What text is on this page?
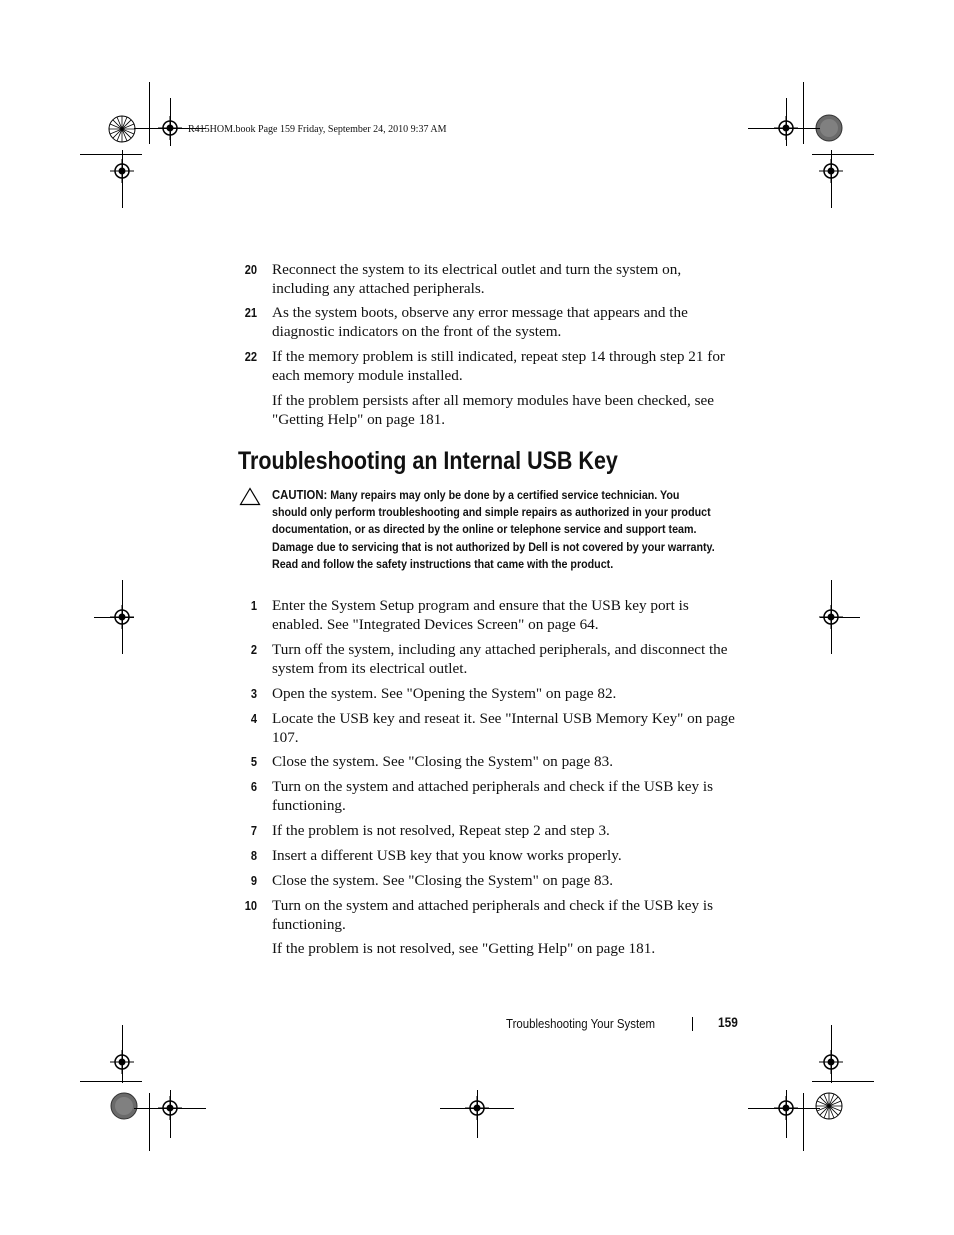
R415HOM.book Page 159 Friday, September 24, 2010 9:37 AM
20 Reconnect the system to its electrical outlet and turn the system on, including any attached peripherals.
21 As the system boots, observe any error message that appears and the diagnostic indicators on the front of the system.
22 If the memory problem is still indicated, repeat step 14 through step 21 for each memory module installed.
If the problem persists after all memory modules have been checked, see "Getting Help" on page 181.
Troubleshooting an Internal USB Key
CAUTION: Many repairs may only be done by a certified service technician. You should only perform troubleshooting and simple repairs as authorized in your product documentation, or as directed by the online or telephone service and support team. Damage due to servicing that is not authorized by Dell is not covered by your warranty. Read and follow the safety instructions that came with the product.
1 Enter the System Setup program and ensure that the USB key port is enabled. See "Integrated Devices Screen" on page 64.
2 Turn off the system, including any attached peripherals, and disconnect the system from its electrical outlet.
3 Open the system. See "Opening the System" on page 82.
4 Locate the USB key and reseat it. See "Internal USB Memory Key" on page 107.
5 Close the system. See "Closing the System" on page 83.
6 Turn on the system and attached peripherals and check if the USB key is functioning.
7 If the problem is not resolved, Repeat step 2 and step 3.
8 Insert a different USB key that you know works properly.
9 Close the system. See "Closing the System" on page 83.
10 Turn on the system and attached peripherals and check if the USB key is functioning.
If the problem is not resolved, see "Getting Help" on page 181.
Troubleshooting Your System	159
